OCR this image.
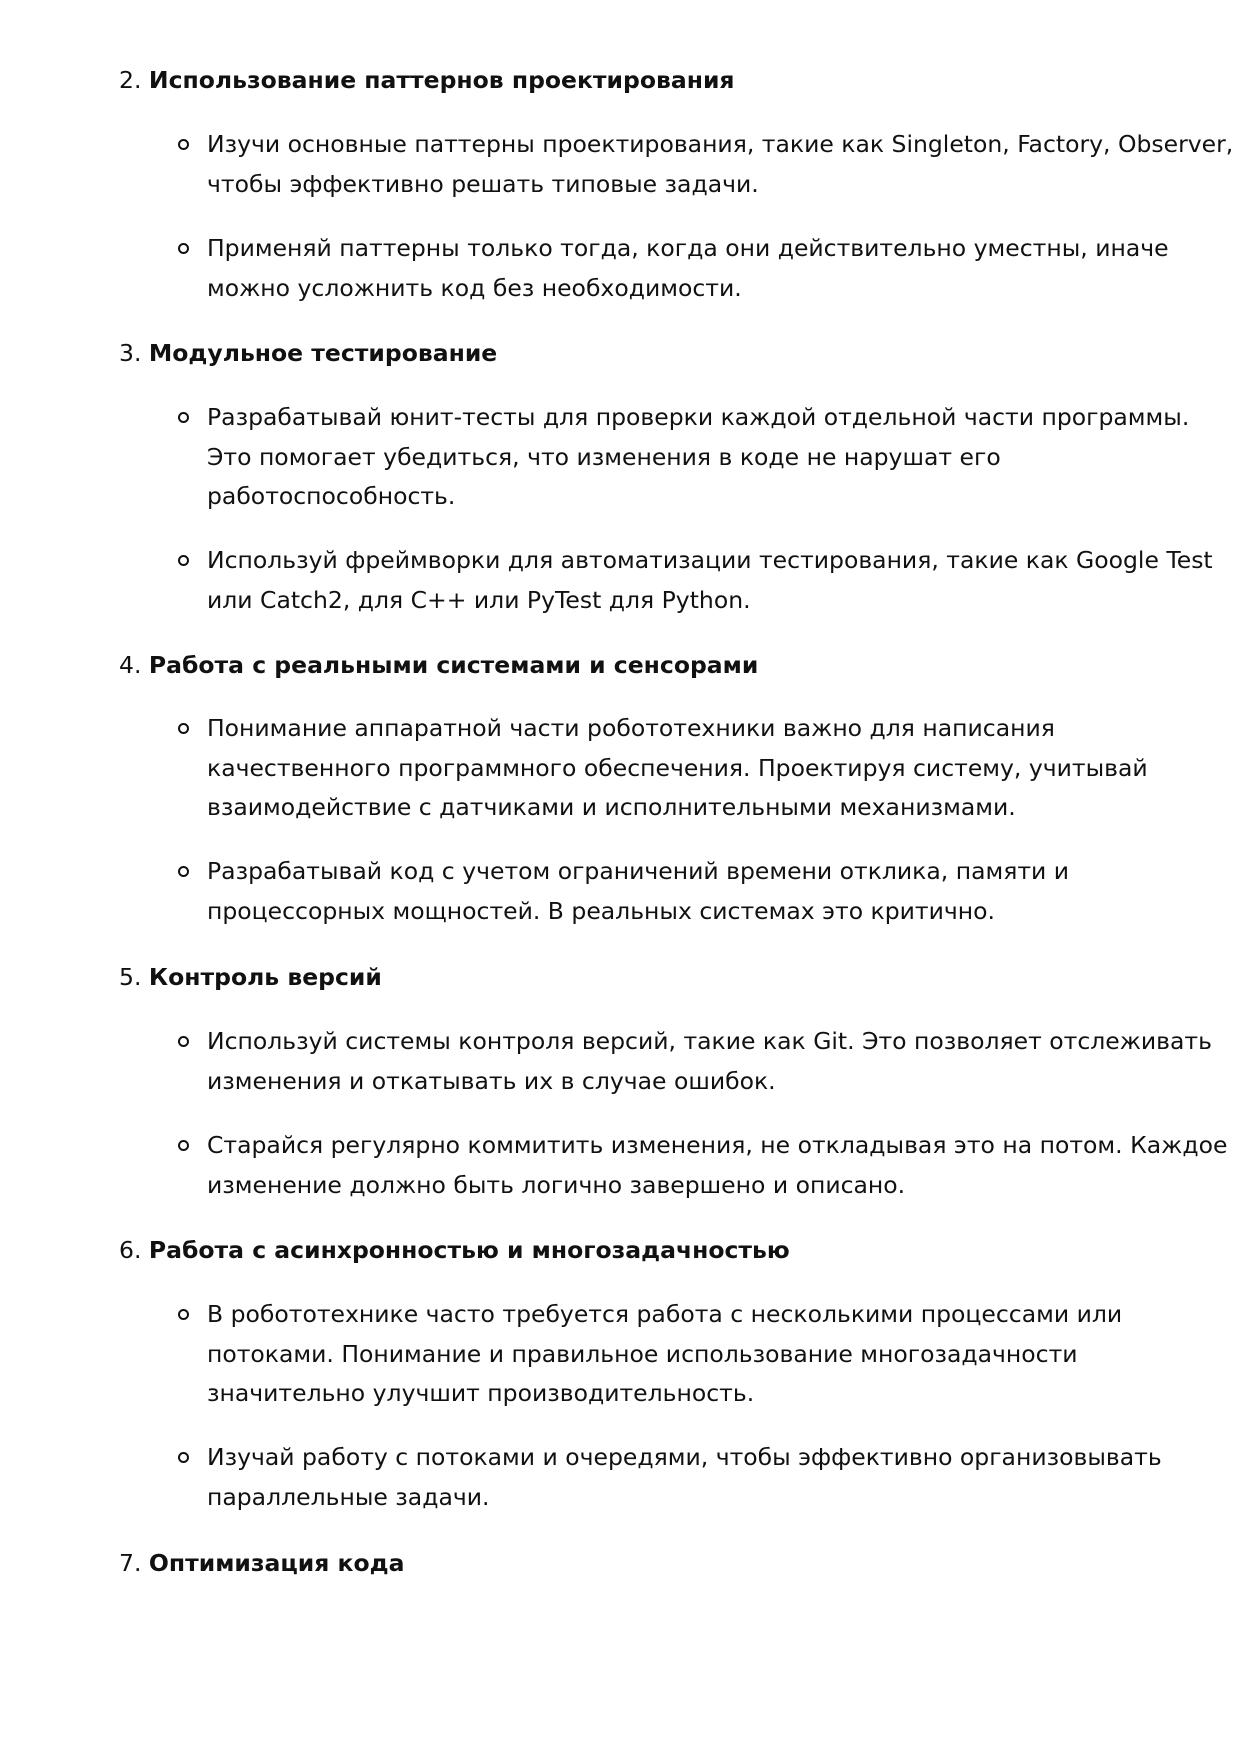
2. Использование паттернов проектирования
Изучи основные паттерны проектирования, такие как Singleton, Factory, Observer,
чтобы эффективно решать типовые задачи.
Применяй паттерны только тогда, когда они действительно уместны, иначе
можно усложнить код без необходимости.
3. Модульное тестирование
Разрабатывай юнит-тесты для проверки каждой отдельной части программы.
Это помогает убедиться, что изменения в коде не нарушат его
работоспособность.
Используй фреймворки для автоматизации тестирования, такие как Google Test
или Catch2, для C++ или PyTest для Python.
4. Работа с реальными системами и сенсорами
Понимание аппаратной части робототехники важно для написания
качественного программного обеспечения. Проектируя систему, учитывай
взаимодействие с датчиками и исполнительными механизмами.
Разрабатывай код с учетом ограничений времени отклика, памяти и
процессорных мощностей. В реальных системах это критично.
5. Контроль версий
Используй системы контроля версий, такие как Git. Это позволяет отслеживать
изменения и откатывать их в случае ошибок.
Старайся регулярно коммитить изменения, не откладывая это на потом. Каждое
изменение должно быть логично завершено и описано.
6. Работа с асинхронностью и многозадачностью
В робототехнике часто требуется работа с несколькими процессами или
потоками. Понимание и правильное использование многозадачности
значительно улучшит производительность.
Изучай работу с потоками и очередями, чтобы эффективно организовывать
параллельные задачи.
7. Оптимизация кода
